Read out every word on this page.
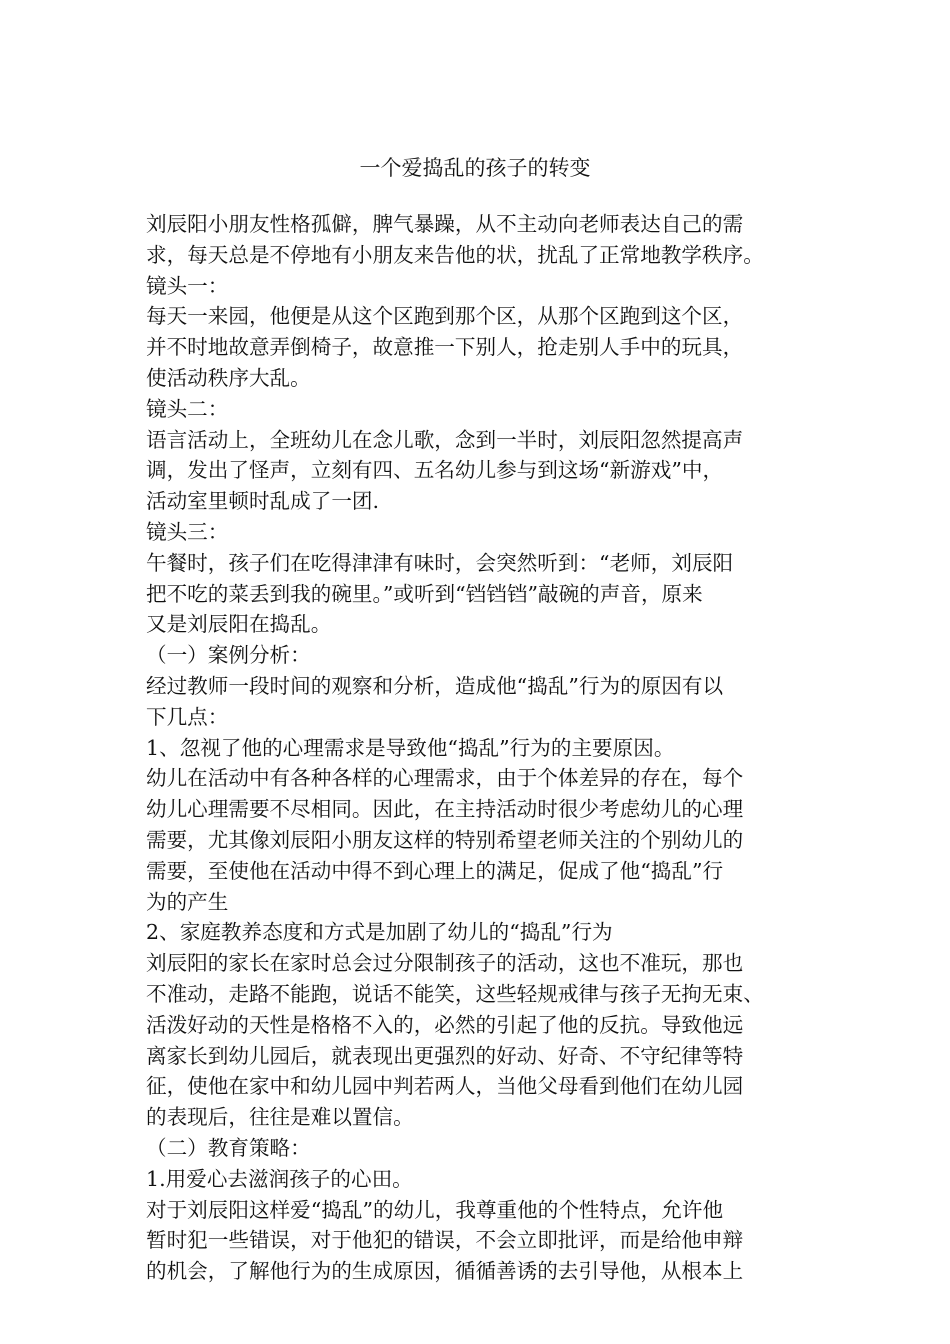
一个爱捣乱的孩子的转变
刘辰阳小朋友性格孤僻，脾气暴躁，从不主动向老师表达自己的需
求，每天总是不停地有小朋友来告他的状，扰乱了正常地教学秩序。
镜头一：
每天一来园，他便是从这个区跑到那个区，从那个区跑到这个区，
并不时地故意弄倒椅子，故意推一下别人，抢走别人手中的玩具，
使活动秩序大乱。
镜头二：
语言活动上，全班幼儿在念儿歌，念到一半时，刘辰阳忽然提高声
调，发出了怪声，立刻有四、五名幼儿参与到这场“新游戏”中，
活动室里顿时乱成了一团.
镜头三：
午餐时，孩子们在吃得津津有味时，会突然听到：“老师，刘辰阳
把不吃的菜丢到我的碗里。”或听到“铛铛铛”敲碗的声音，原来
又是刘辰阳在捣乱。
（一）案例分析：
经过教师一段时间的观察和分析，造成他“捣乱”行为的原因有以
下几点：
1、忽视了他的心理需求是导致他“捣乱”行为的主要原因。
幼儿在活动中有各种各样的心理需求，由于个体差异的存在，每个
幼儿心理需要不尽相同。因此，在主持活动时很少考虑幼儿的心理
需要，尤其像刘辰阳小朋友这样的特别希望老师关注的个别幼儿的
需要，至使他在活动中得不到心理上的满足，促成了他“捣乱”行
为的产生
2、家庭教养态度和方式是加剧了幼儿的“捣乱”行为
刘辰阳的家长在家时总会过分限制孩子的活动，这也不准玩，那也
不准动，走路不能跑，说话不能笑，这些轻规戒律与孩子无拘无束、
活泼好动的天性是格格不入的，必然的引起了他的反抗。导致他远
离家长到幼儿园后，就表现出更强烈的好动、好奇、不守纪律等特
征，使他在家中和幼儿园中判若两人，当他父母看到他们在幼儿园
的表现后，往往是难以置信。
（二）教育策略：
1.用爱心去滋润孩子的心田。
对于刘辰阳这样爱“捣乱”的幼儿，我尊重他的个性特点，允许他
暂时犯一些错误，对于他犯的错误，不会立即批评，而是给他申辩
的机会，了解他行为的生成原因，循循善诱的去引导他，从根本上
